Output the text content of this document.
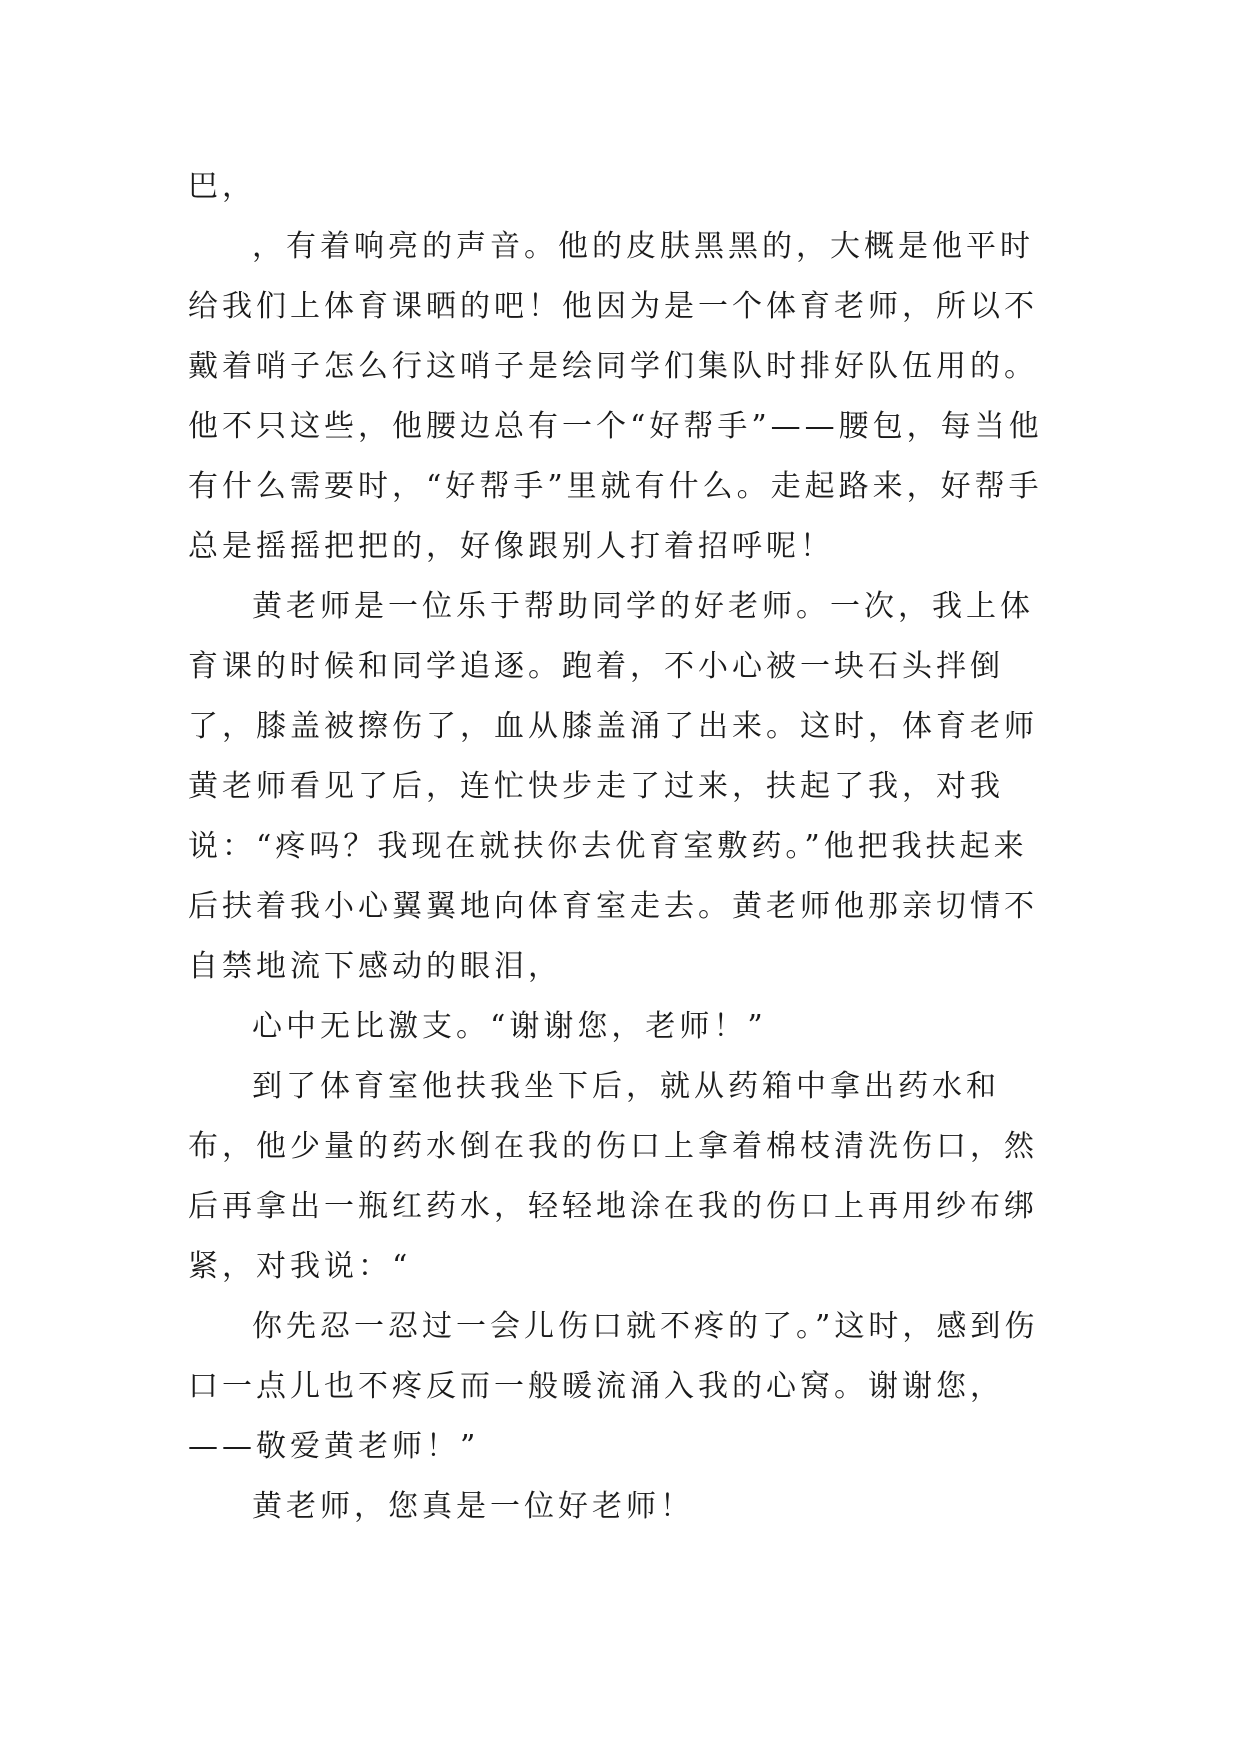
巴，

，有着响亮的声音。他的皮肤黑黑的，大概是他平时给我们上体育课晒的吧！他因为是一个体育老师，所以不戴着哨子怎么行这哨子是绘同学们集队时排好队伍用的。他不只这些，他腰边总有一个“好帮手”——腰包，每当他有什么需要时，“好帮手”里就有什么。走起路来，好帮手总是摇摇把把的，好像跟别人打着招呼呢！

黄老师是一位乐于帮助同学的好老师。一次，我上体育课的时候和同学追逐。跑着，不小心被一块石头拌倒了，膝盖被擦伤了，血从膝盖涌了出来。这时，体育老师黄老师看见了后，连忙快步走了过来，扶起了我，对我说：“疼吗？我现在就扶你去优育室敷药。”他把我扶起来后扶着我小心翼翼地向体育室走去。黄老师他那亲切情不自禁地流下感动的眼泪，

心中无比激支。“谢谢您，老师！”

到了体育室他扶我坐下后，就从药箱中拿出药水和布，他少量的药水倒在我的伤口上拿着棉枝清洗伤口，然后再拿出一瓶红药水，轻轻地涂在我的伤口上再用纱布绑紧，对我说：“

你先忍一忍过一会儿伤口就不疼的了。”这时，感到伤口一点儿也不疼反而一般暖流涌入我的心窝。谢谢您，——敬爱黄老师！”

黄老师，您真是一位好老师！
